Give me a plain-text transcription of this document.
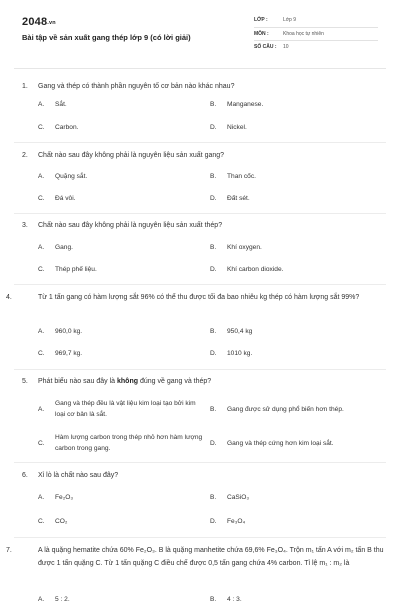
2048.vn
Bài tập về sản xuất gang thép lớp 9 (có lời giải)
LỚP :	Lớp 9
MÔN :	Khoa học tự nhiên
SỐ CÂU :	10
1. Gang và thép có thành phần nguyên tố cơ bản nào khác nhau?
A.	Sắt.	B.	Manganese.
C.	Carbon.	D.	Nickel.
2. Chất nào sau đây không phải là nguyên liệu sản xuất gang?
A.	Quặng sắt.	B.	Than cốc.
C.	Đá vôi.	D.	Đất sét.
3. Chất nào sau đây không phải là nguyên liệu sản xuất thép?
A.	Gang.	B.	Khí oxygen.
C.	Thép phế liệu.	D.	Khí carbon dioxide.
4.	Từ 1 tấn gang có hàm lượng sắt 96% có thể thu được tối đa bao nhiêu kg thép có hàm lượng sắt 99%?
A.	960,0 kg.	B.	950,4 kg
C.	969,7 kg.	D.	1010 kg.
5. Phát biểu nào sau đây là không đúng về gang và thép?
A.
Gang và thép đều là vật liệu kim loại tạo bởi kim loại cơ bản là sắt.
B.	Gang được sử dụng phổ biến hơn thép.
C.
Hàm lượng carbon trong thép nhỏ hơn hàm lượng carbon trong gang.
D.	Gang và thép cứng hơn kim loại sắt.
6. Xỉ lò là chất nào sau đây?
A.	Fe₂O₃	B.	CaSiO₃
C.	CO₂	D.	Fe₃O₄
7.	A là quặng hematite chứa 60% Fe₂O₃. B là quặng manhetite chứa 69,6% Fe₃O₄. Trộn m₁ tấn A với m₂ tấn B thu được 1 tấn quặng C. Từ 1 tấn quặng C điều chế được 0,5 tấn gang chứa 4% carbon. Tỉ lệ m₁ : m₂ là
A.	5 : 2.	B.	4 : 3.
